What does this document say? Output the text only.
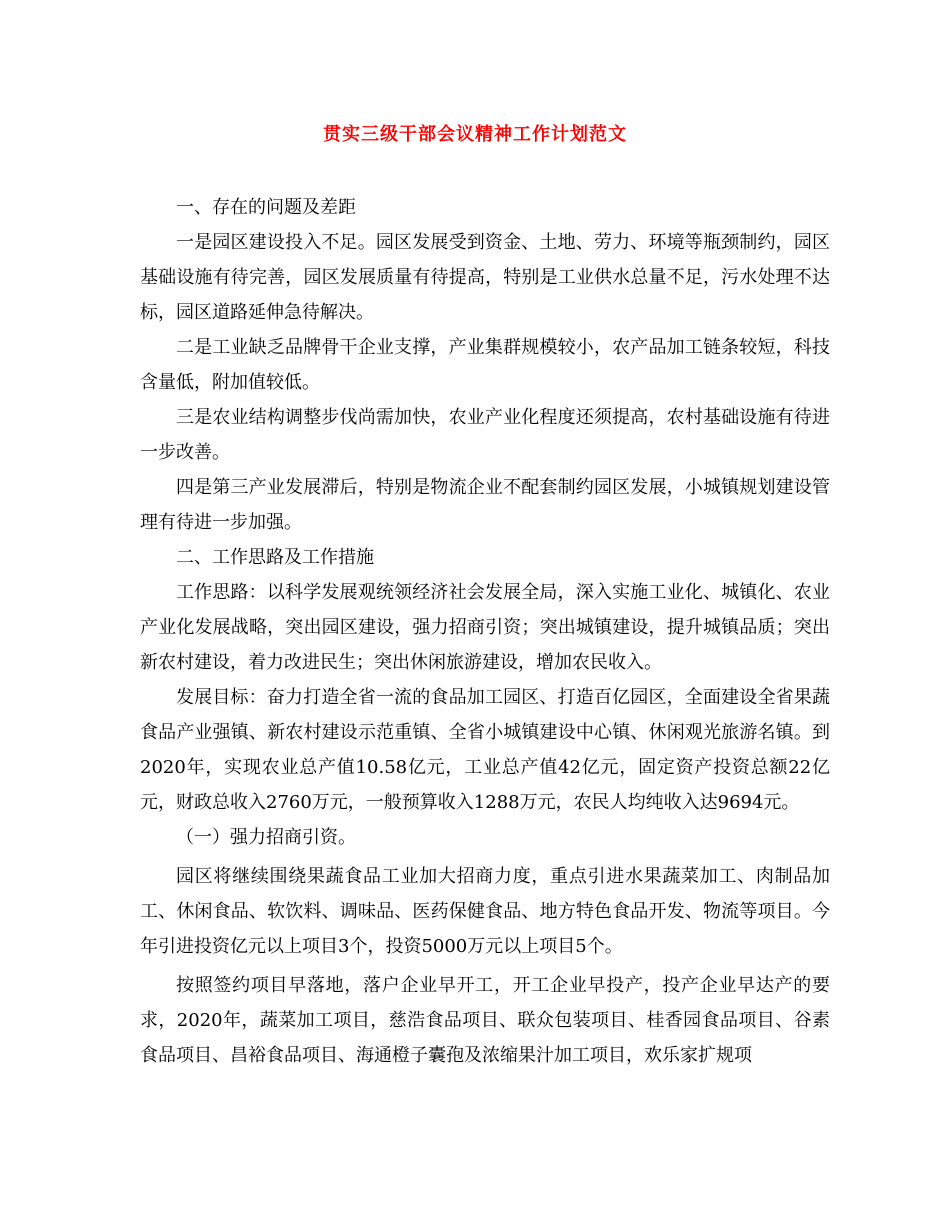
贯实三级干部会议精神工作计划范文

一、存在的问题及差距

一是园区建设投入不足。园区发展受到资金、土地、劳力、环境等瓶颈制约，园区基础设施有待完善，园区发展质量有待提高，特别是工业供水总量不足，污水处理不达标，园区道路延伸急待解决。

二是工业缺乏品牌骨干企业支撑，产业集群规模较小，农产品加工链条较短，科技含量低，附加值较低。

三是农业结构调整步伐尚需加快，农业产业化程度还须提高，农村基础设施有待进一步改善。

四是第三产业发展滞后，特别是物流企业不配套制约园区发展，小城镇规划建设管理有待进一步加强。

二、工作思路及工作措施

工作思路：以科学发展观统领经济社会发展全局，深入实施工业化、城镇化、农业产业化发展战略，突出园区建设，强力招商引资；突出城镇建设，提升城镇品质；突出新农村建设，着力改进民生；突出休闲旅游建设，增加农民收入。

发展目标：奋力打造全省一流的食品加工园区、打造百亿园区，全面建设全省果蔬食品产业强镇、新农村建设示范重镇、全省小城镇建设中心镇、休闲观光旅游名镇。到2020年，实现农业总产值10.58亿元，工业总产值42亿元，固定资产投资总额22亿元，财政总收入2760万元，一般预算收入1288万元，农民人均纯收入达9694元。

（一）强力招商引资。

园区将继续围绕果蔬食品工业加大招商力度，重点引进水果蔬菜加工、肉制品加工、休闲食品、软饮料、调味品、医药保健食品、地方特色食品开发、物流等项目。今年引进投资亿元以上项目3个，投资5000万元以上项目5个。

按照签约项目早落地，落户企业早开工，开工企业早投产，投产企业早达产的要求，2020年，蔬菜加工项目，慈浩食品项目、联众包装项目、桂香园食品项目、谷素食品项目、昌裕食品项目、海通橙子囊孢及浓缩果汁加工项目，欢乐家扩规项
